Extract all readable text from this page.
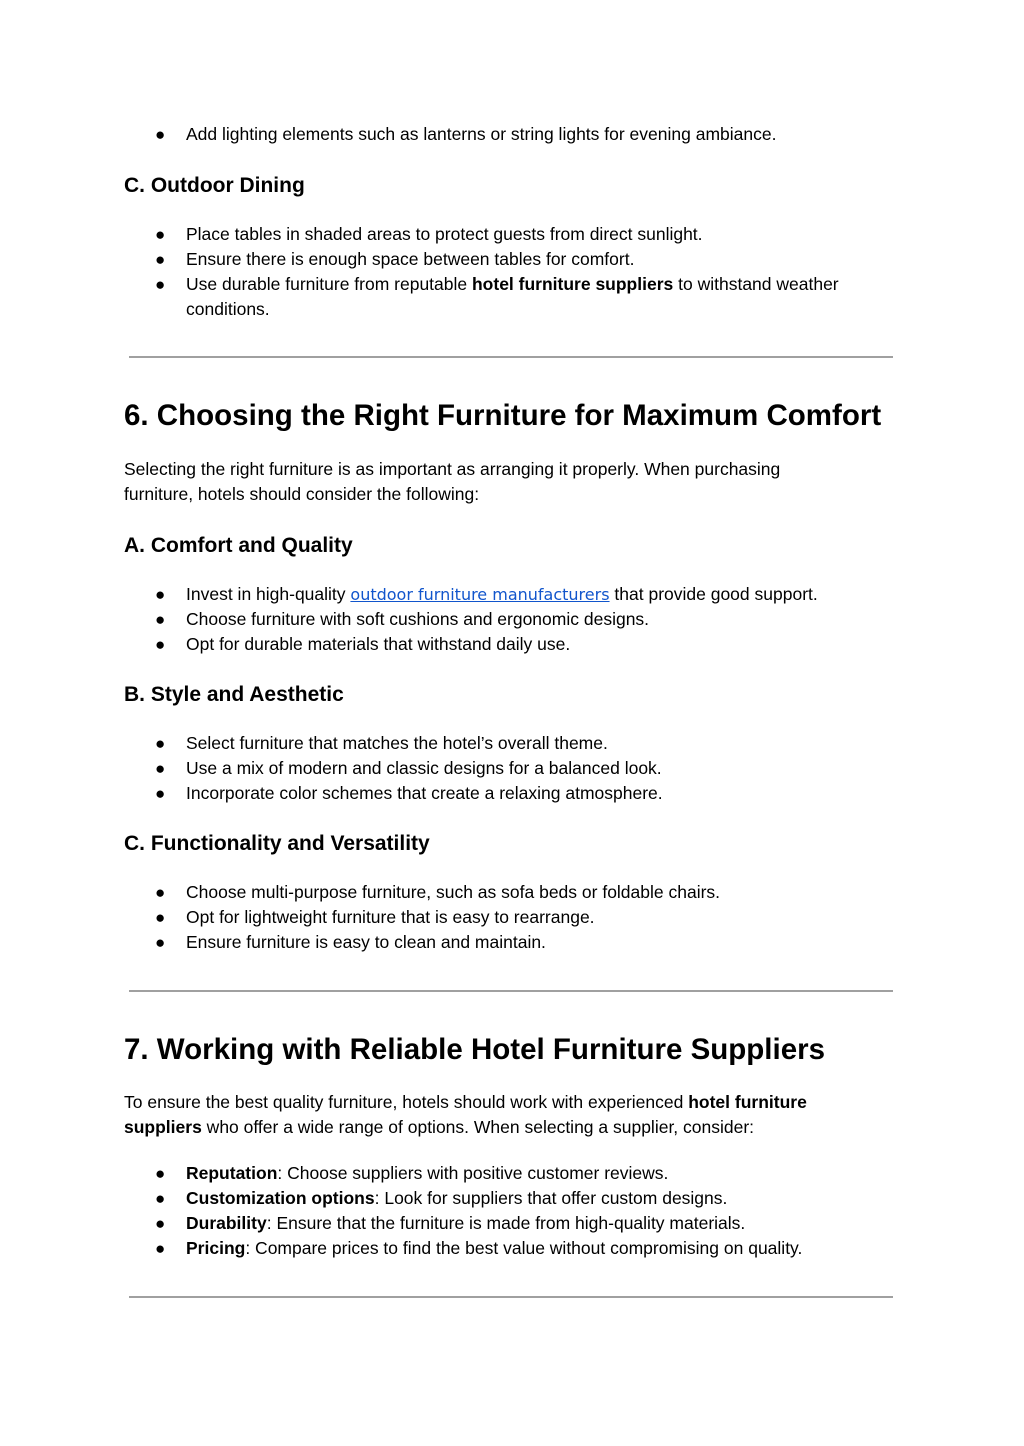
● Add lighting elements such as lanterns or string lights for evening ambiance.
C. Outdoor Dining
● Place tables in shaded areas to protect guests from direct sunlight.
● Ensure there is enough space between tables for comfort.
● Use durable furniture from reputable hotel furniture suppliers to withstand weather
conditions.
6. Choosing the Right Furniture for Maximum Comfort
Selecting the right furniture is as important as arranging it properly. When purchasing
furniture, hotels should consider the following:
A. Comfort and Quality
● Invest in high-quality outdoor furniture manufacturers that provide good support.
● Choose furniture with soft cushions and ergonomic designs.
● Opt for durable materials that withstand daily use.
B. Style and Aesthetic
● Select furniture that matches the hotel’s overall theme.
● Use a mix of modern and classic designs for a balanced look.
● Incorporate color schemes that create a relaxing atmosphere.
C. Functionality and Versatility
● Choose multi-purpose furniture, such as sofa beds or foldable chairs.
● Opt for lightweight furniture that is easy to rearrange.
● Ensure furniture is easy to clean and maintain.
7. Working with Reliable Hotel Furniture Suppliers
To ensure the best quality furniture, hotels should work with experienced hotel furniture
suppliers who offer a wide range of options. When selecting a supplier, consider:
● Reputation: Choose suppliers with positive customer reviews.
● Customization options: Look for suppliers that offer custom designs.
● Durability: Ensure that the furniture is made from high-quality materials.
● Pricing: Compare prices to find the best value without compromising on quality.
